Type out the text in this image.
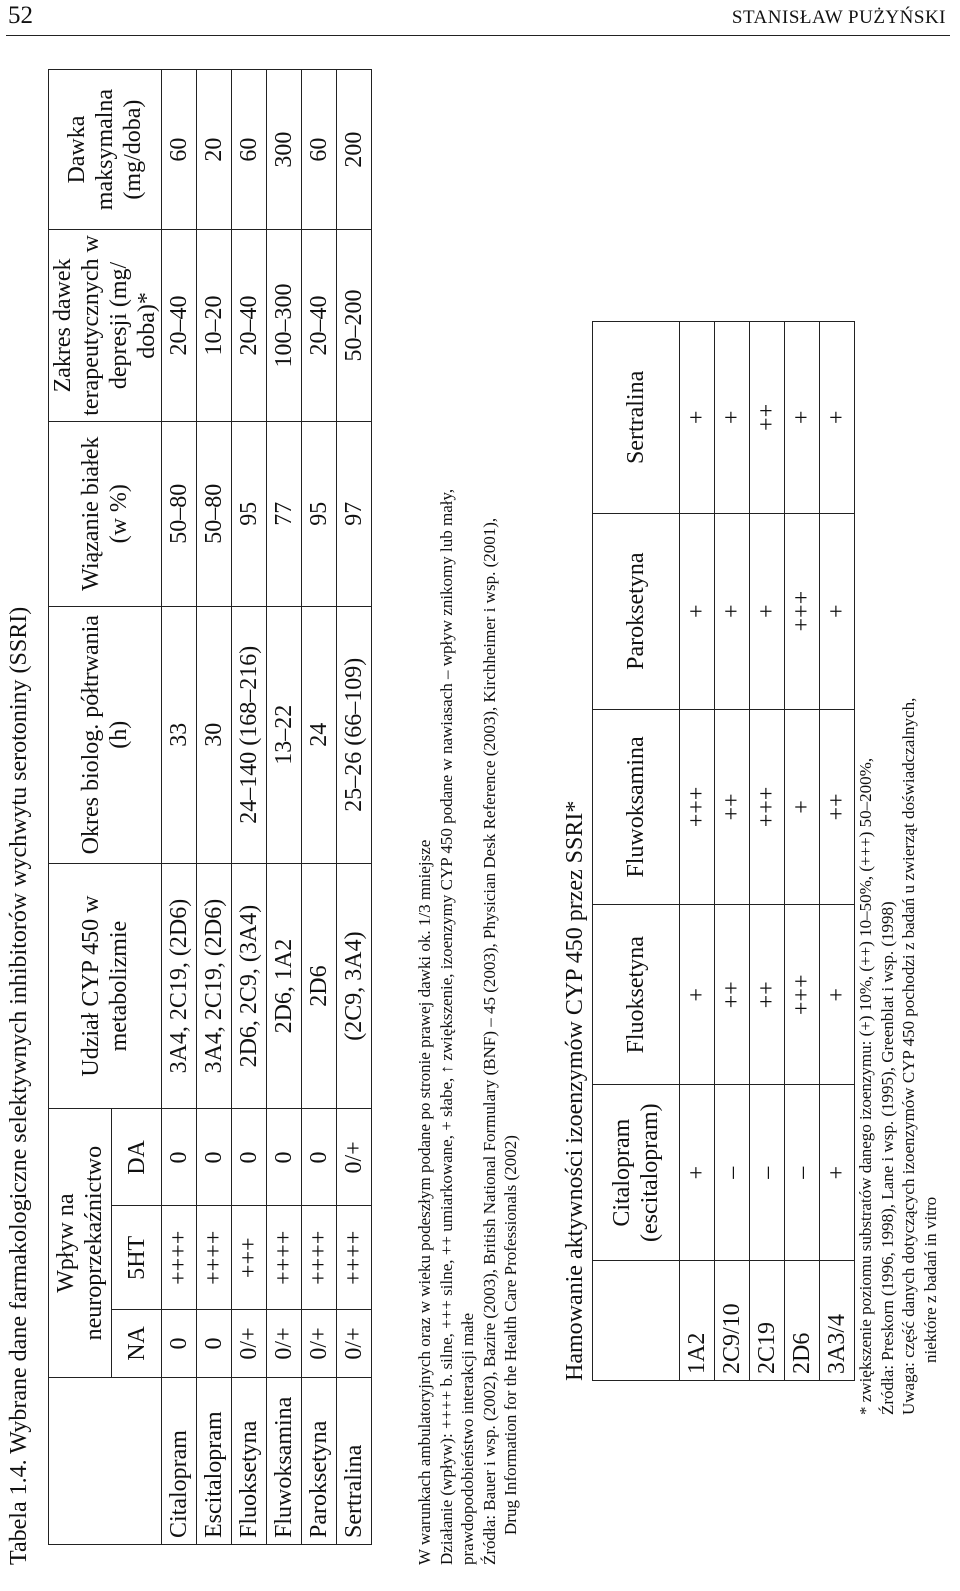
52	STANISŁAW PUŻYŃSKI
Tabela 1.4. Wybrane dane farmakologiczne selektywnych inhibitorów wychwytu serotoniny (SSRI)
	Wpływ na neuroprzekaźnictwo			Udział CYP 450 w metabolizmie	Okres biolog. półtrwania (h)	Wiązanie białek (w %)	Zakres dawek terapeutycznych w depresji (mg/ doba)*	Dawka maksymalna (mg/doba)
	NA	5HT	DA					
Citalopram	0	++++	0	3A4, 2C19, (2D6)	33	50–80	20–40	60
Escitalopram	0	++++	0	3A4, 2C19, (2D6)	30	50–80	10–20	20
Fluoksetyna	0/+	+++	0	2D6, 2C9, (3A4)	24–140 (168–216)	95	20–40	60
Fluwoksamina	0/+	++++	0	2D6, 1A2	13–22	77	100–300	300
Paroksetyna	0/+	++++	0	2D6	24	95	20–40	60
Sertralina	0/+	++++	0/+	(2C9, 3A4)	25–26 (66–109)	97	50–200	200
W warunkach ambulatoryjnych oraz w wieku podeszłym podane po stronie prawej dawki ok. 1/3 mniejsze Działanie (wpływ): ++++ b. silne, +++ silne, ++ umiarkowane, + słabe, ↑ zwiększenie, izoenzymy CYP 450 podane w nawiasach – wpływ znikomy lub mały, prawdopodobieństwo interakcji małe Źródła: Bauer i wsp. (2002), Bazire (2003), British National Formulary (BNF) – 45 (2003), Physician Desk Reference (2003), Kirchheimer i wsp. (2001), Drug Information for the Health Care Professionals (2002) Hamowanie aktywności izoenzymów CYP 450 przez SSRI*
	Citalopram (escitalopram)	Fluoksetyna	Fluwoksamina	Paroksetyna	Sertralina
1A2	+	+	+++	+	+
2C9/10	–	++	++	+	+
2C19	–	++	+++	+	++
2D6	–	+++	+	+++	+
3A3/4	+	+	++	+	+
* zwiększenie poziomu substratów danego izoenzymu: (+) 10%, (++) 10–50%, (+++) 50–200%, Źródła: Preskorn (1996, 1998), Lane i wsp. (1995), Greenblat i wsp. (1998) Uwaga: część danych dotyczących izoenzymów CYP 450 pochodzi z badań u zwierząt doświadczalnych, niektóre z badań in vitro
